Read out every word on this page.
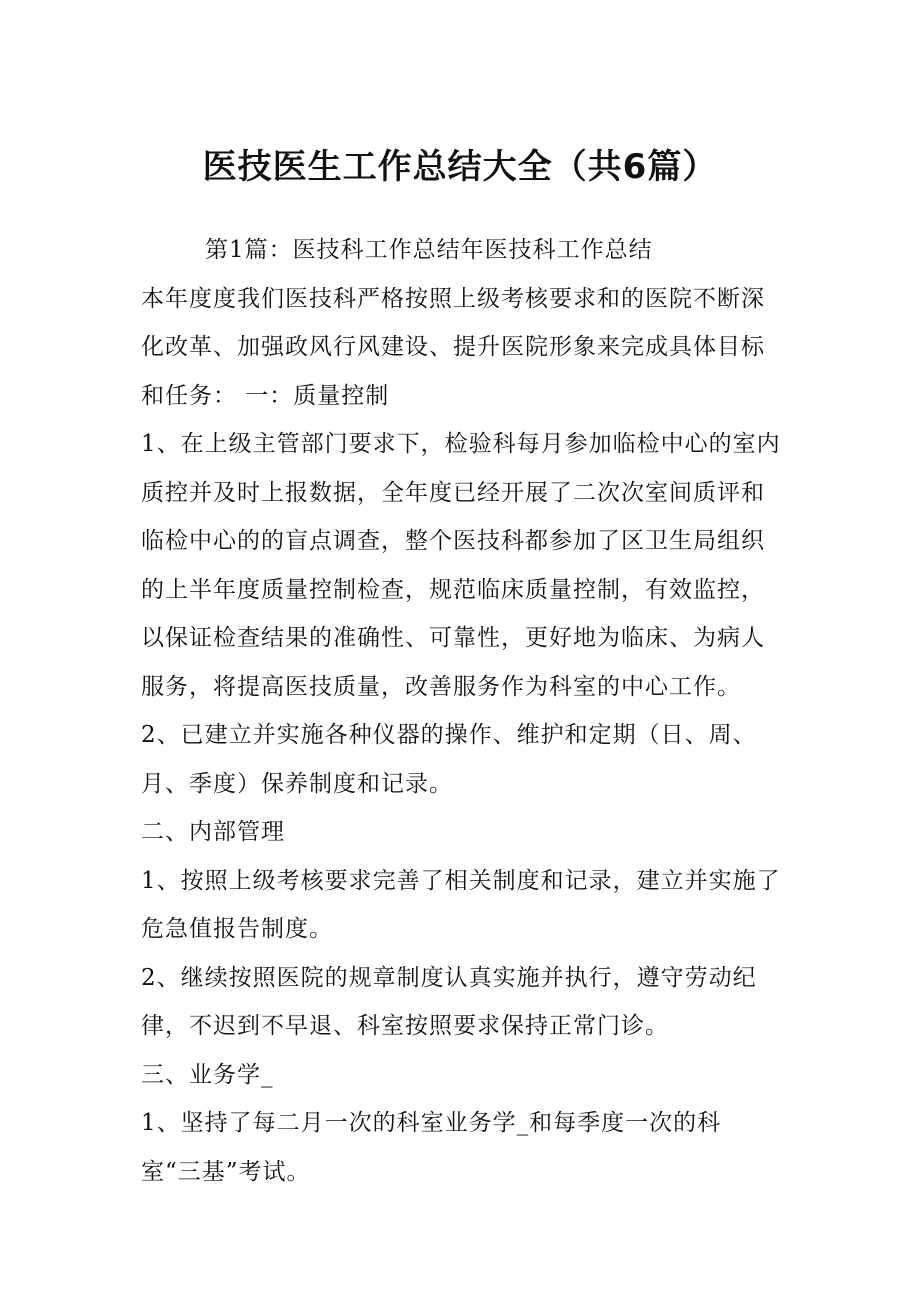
医技医生工作总结大全（共6篇）

第1篇：医技科工作总结年医技科工作总结

本年度度我们医技科严格按照上级考核要求和的医院不断深化改革、加强政风行风建设、提升医院形象来完成具体目标和任务： 一：质量控制

1、在上级主管部门要求下，检验科每月参加临检中心的室内质控并及时上报数据，全年度已经开展了二次次室间质评和临检中心的的盲点调查，整个医技科都参加了区卫生局组织的上半年度质量控制检查，规范临床质量控制，有效监控，以保证检查结果的准确性、可靠性，更好地为临床、为病人服务，将提高医技质量，改善服务作为科室的中心工作。

2、已建立并实施各种仪器的操作、维护和定期（日、周、月、季度）保养制度和记录。

二、内部管理

1、按照上级考核要求完善了相关制度和记录，建立并实施了危急值报告制度。

2、继续按照医院的规章制度认真实施并执行，遵守劳动纪律，不迟到不早退、科室按照要求保持正常门诊。

三、业务学_

1、坚持了每二月一次的科室业务学_和每季度一次的科室“三基”考试。
